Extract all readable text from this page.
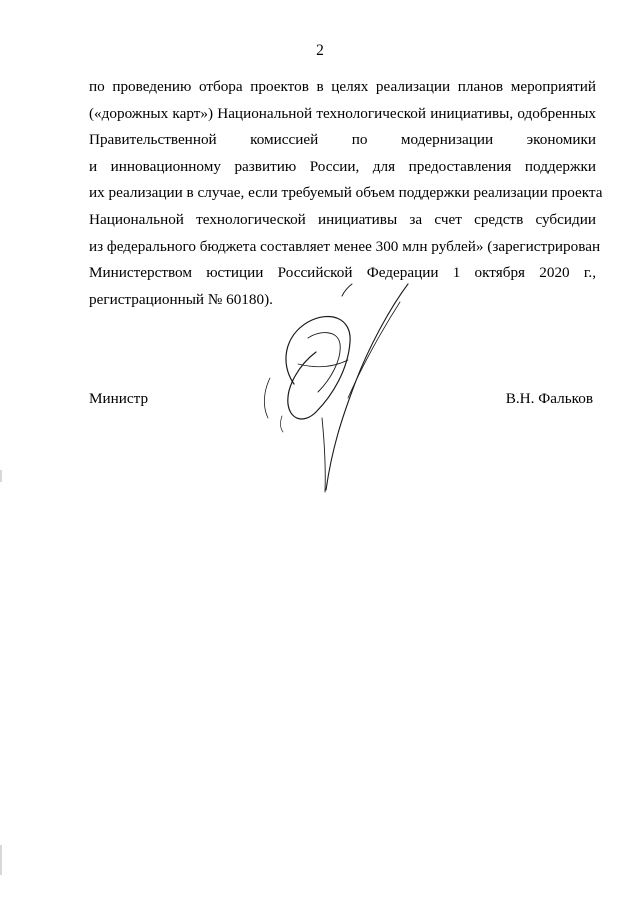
2
по проведению отбора проектов в целях реализации планов мероприятий
(«дорожных карт») Национальной технологической инициативы, одобренных
Правительственной комиссией по модернизации экономики
и инновационному развитию России, для предоставления поддержки
их реализации в случае, если требуемый объем поддержки реализации проекта
Национальной технологической инициативы за счет средств субсидии
из федерального бюджета составляет менее 300 млн рублей» (зарегистрирован
Министерством юстиции Российской Федерации 1 октября 2020 г.,
регистрационный № 60180).
Министр	В.Н. Фальков
